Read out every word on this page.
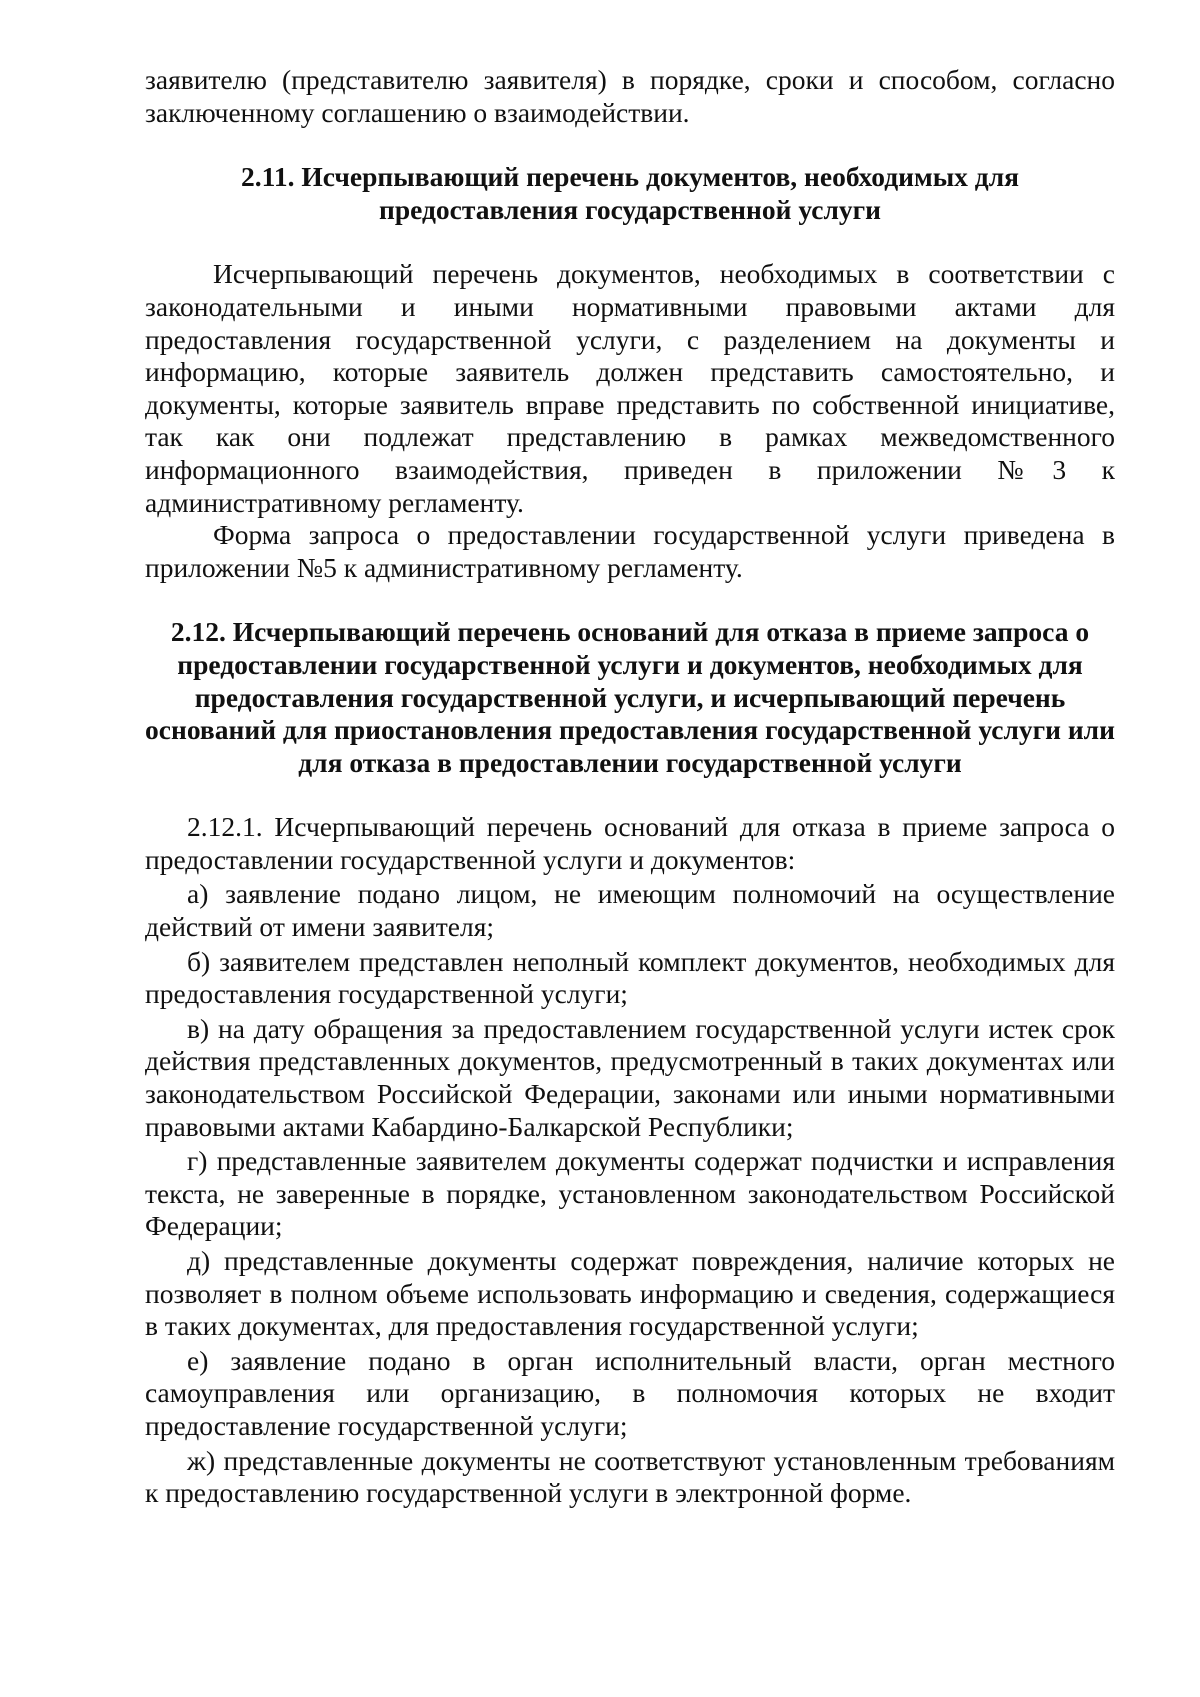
заявителю (представителю заявителя) в порядке, сроки и способом, согласно заключенному соглашению о взаимодействии.

2.11. Исчерпывающий перечень документов, необходимых для предоставления государственной услуги

Исчерпывающий перечень документов, необходимых в соответствии с законодательными и иными нормативными правовыми актами для предоставления государственной услуги, с разделением на документы и информацию, которые заявитель должен представить самостоятельно, и документы, которые заявитель вправе представить по собственной инициативе, так как они подлежат представлению в рамках межведомственного информационного взаимодействия, приведен в приложении №3 к административному регламенту.

Форма запроса о предоставлении государственной услуги приведена в приложении №5 к административному регламенту.

2.12. Исчерпывающий перечень оснований для отказа в приеме запроса о предоставлении государственной услуги и документов, необходимых для предоставления государственной услуги, и исчерпывающий перечень оснований для приостановления предоставления государственной услуги или для отказа в предоставлении государственной услуги

2.12.1. Исчерпывающий перечень оснований для отказа в приеме запроса о предоставлении государственной услуги и документов:

а) заявление подано лицом, не имеющим полномочий на осуществление действий от имени заявителя;

б) заявителем представлен неполный комплект документов, необходимых для предоставления государственной услуги;

в) на дату обращения за предоставлением государственной услуги истек срок действия представленных документов, предусмотренный в таких документах или законодательством Российской Федерации, законами или иными нормативными правовыми актами Кабардино-Балкарской Республики;

г) представленные заявителем документы содержат подчистки и исправления текста, не заверенные в порядке, установленном законодательством Российской Федерации;

д) представленные документы содержат повреждения, наличие которых не позволяет в полном объеме использовать информацию и сведения, содержащиеся в таких документах, для предоставления государственной услуги;

е) заявление подано в орган исполнительный власти, орган местного самоуправления или организацию, в полномочия которых не входит предоставление государственной услуги;

ж) представленные документы не соответствуют установленным требованиям к предоставлению государственной услуги в электронной форме.
